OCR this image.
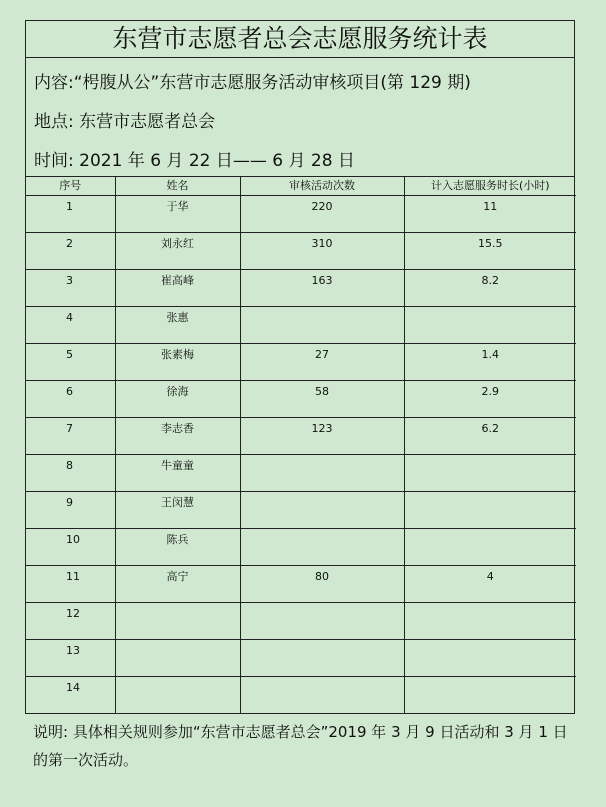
东营市志愿者总会志愿服务统计表
内容:“枵腹从公”东营市志愿服务活动审核项目(第 129 期)
地点: 东营市志愿者总会
时间: 2021 年 6 月 22 日—— 6 月 28 日
序号	姓名	审核活动次数	计入志愿服务时长(小时)
1	于华	220	11
2	刘永红	310	15.5
3	崔高峰	163	8.2
4	张惠		
5	张素梅	27	1.4
6	徐海	58	2.9
7	李志香	123	6.2
8	牛童童		
9	王闵慧		
10	陈兵		
11	高宁	80	4
12			
13			
14			
说明: 具体相关规则参加“东营市志愿者总会”2019 年 3 月 9 日活动和 3 月 1 日的第一次活动。
